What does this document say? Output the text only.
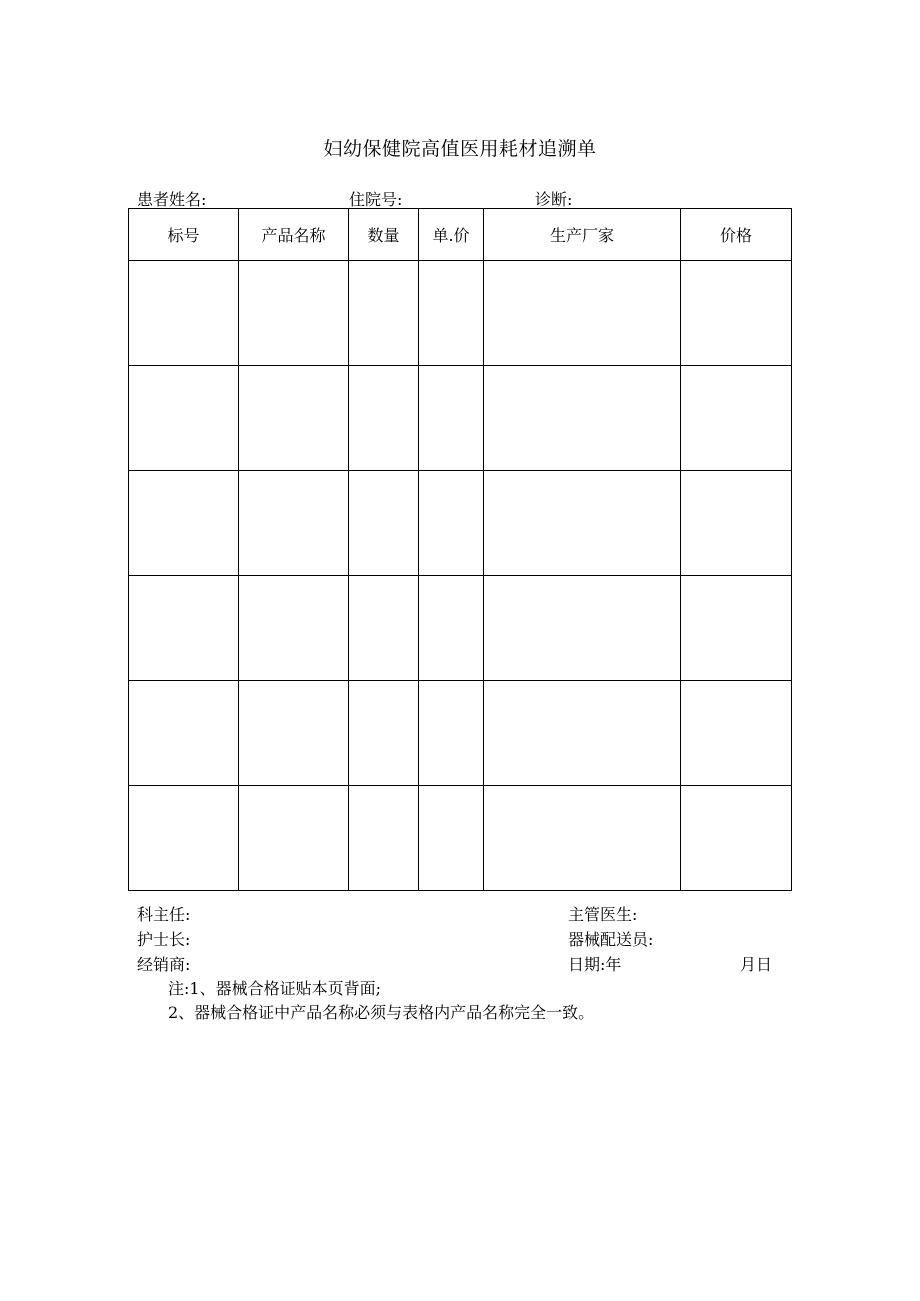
妇幼保健院高值医用耗材追溯单
患者姓名:	住院号:	诊断:
标号	产品名称	数量	单.价	生产厂家	价格

科主任:	主管医生:
护士长:	器械配送员:
经销商:	日期:年	月日
注:1、器械合格证贴本页背面;
2、器械合格证中产品名称必须与表格内产品名称完全一致。
